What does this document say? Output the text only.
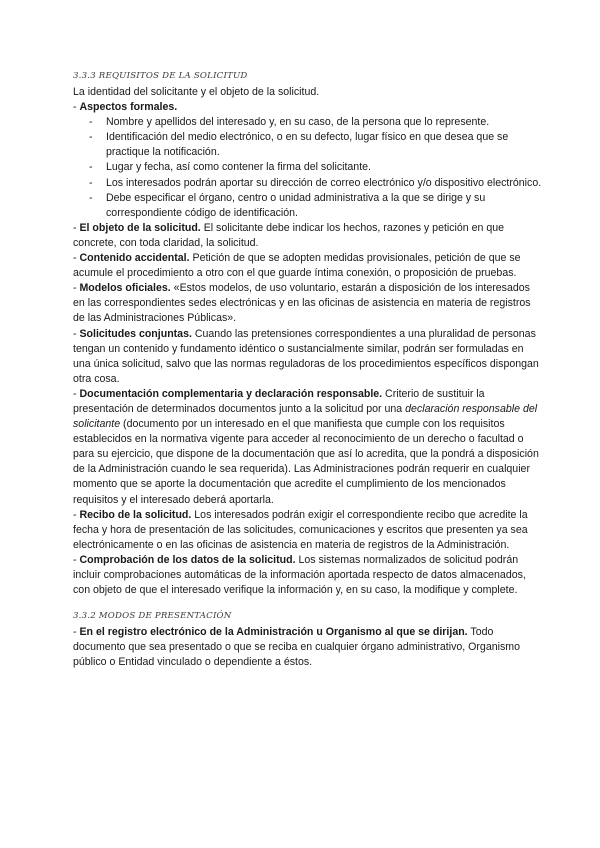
3.3.3 REQUISITOS DE LA SOLICITUD

La identidad del solicitante y el objeto de la solicitud.

- Aspectos formales.

- Nombre y apellidos del interesado y, en su caso, de la persona que lo represente.
- Identificación del medio electrónico, o en su defecto, lugar físico en que desea que se practique la notificación.
- Lugar y fecha, así como contener la firma del solicitante.
- Los interesados podrán aportar su dirección de correo electrónico y/o dispositivo electrónico.
- Debe especificar el órgano, centro o unidad administrativa a la que se dirige y su correspondiente código de identificación.

- El objeto de la solicitud. El solicitante debe indicar los hechos, razones y petición en que concrete, con toda claridad, la solicitud.

- Contenido accidental. Petición de que se adopten medidas provisionales, petición de que se acumule el procedimiento a otro con el que guarde íntima conexión, o proposición de pruebas.

- Modelos oficiales. «Estos modelos, de uso voluntario, estarán a disposición de los interesados en las correspondientes sedes electrónicas y en las oficinas de asistencia en materia de registros de las Administraciones Públicas».

- Solicitudes conjuntas. Cuando las pretensiones correspondientes a una pluralidad de personas tengan un contenido y fundamento idéntico o sustancialmente similar, podrán ser formuladas en una única solicitud, salvo que las normas reguladoras de los procedimientos específicos dispongan otra cosa.

- Documentación complementaria y declaración responsable. Criterio de sustituir la presentación de determinados documentos junto a la solicitud por una declaración responsable del solicitante (documento por un interesado en el que manifiesta que cumple con los requisitos establecidos en la normativa vigente para acceder al reconocimiento de un derecho o facultad o para su ejercicio, que dispone de la documentación que así lo acredita, que la pondrá a disposición de la Administración cuando le sea requerida). Las Administraciones podrán requerir en cualquier momento que se aporte la documentación que acredite el cumplimiento de los mencionados requisitos y el interesado deberá aportarla.

- Recibo de la solicitud. Los interesados podrán exigir el correspondiente recibo que acredite la fecha y hora de presentación de las solicitudes, comunicaciones y escritos que presenten ya sea electrónicamente o en las oficinas de asistencia en materia de registros de la Administración.

- Comprobación de los datos de la solicitud. Los sistemas normalizados de solicitud podrán incluir comprobaciones automáticas de la información aportada respecto de datos almacenados, con objeto de que el interesado verifique la información y, en su caso, la modifique y complete.

3.3.2 MODOS DE PRESENTACIÓN

- En el registro electrónico de la Administración u Organismo al que se dirijan. Todo documento que sea presentado o que se reciba en cualquier órgano administrativo, Organismo público o Entidad vinculado o dependiente a éstos.
